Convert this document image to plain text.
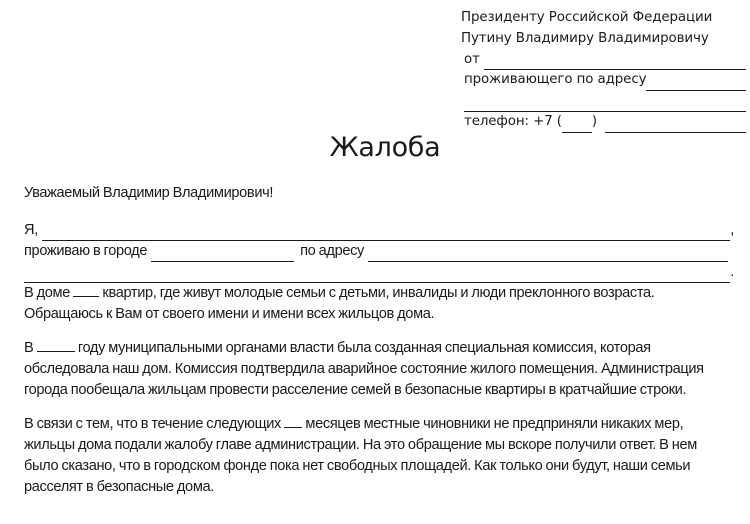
Президенту Российской Федерации
Путину Владимиру Владимировичу
от
проживающего по адресу
телефон: +7 ( )
Жалоба

Уважаемый Владимир Владимирович!

Я,	,
проживаю в городе	по адресу
.

В доме квартир, где живут молодые семьи с детьми, инвалиды и люди преклонного возраста. Обращаюсь к Вам от своего имени и имени всех жильцов дома.

В	году муниципальными органами власти была созданная специальная комиссия, которая обследовала наш дом. Комиссия подтвердила аварийное состояние жилого помещения. Администрация города пообещала жильцам провести расселение семей в безопасные квартиры в кратчайшие строки.

В связи с тем, что в течение следующих месяцев местные чиновники не предприняли никаких мер, жильцы дома подали жалобу главе администрации. На это обращение мы вскоре получили ответ. В нем было сказано, что в городском фонде пока нет свободных площадей. Как только они будут, наши семьи расселят в безопасные дома.
